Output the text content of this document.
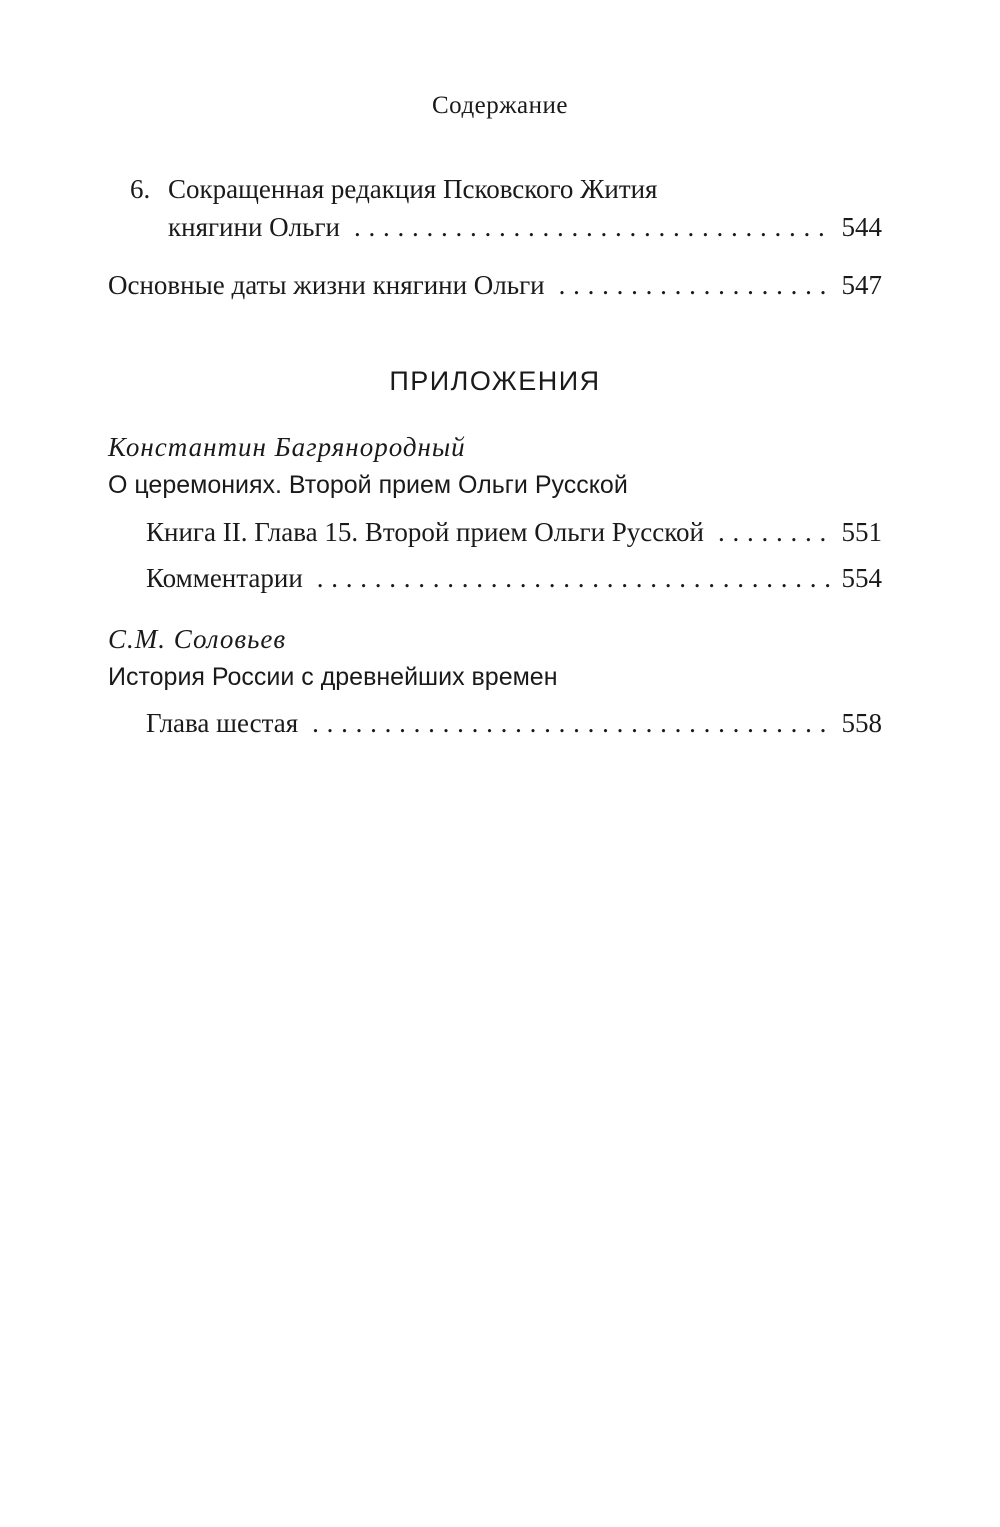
Содержание
6. Сокращенная редакция Псковского Жития
княгини Ольги . . .	544
Основные даты жизни княгини Ольги . . .	547
ПРИЛОЖЕНИЯ
Константин Багрянородный
О церемониях. Второй прием Ольги Русской
Книга II. Глава 15. Второй прием Ольги Русской . . .	551
Комментарии . . .	554
С.М. Соловьев
История России с древнейших времен
Глава шестая . . .	558
